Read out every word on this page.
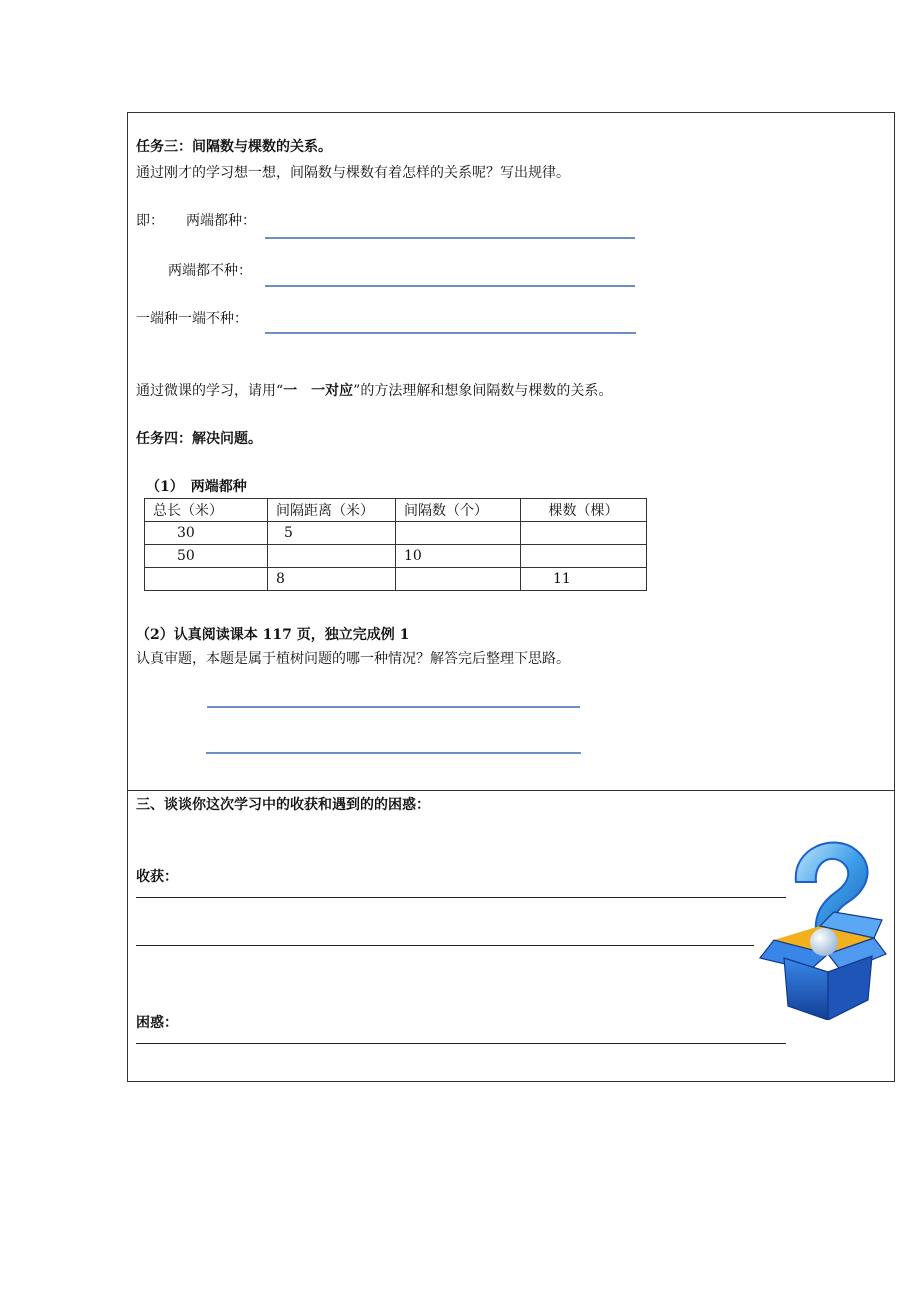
任务三：间隔数与棵数的关系。
通过刚才的学习想一想，间隔数与棵数有着怎样的关系呢？写出规律。
即： 两端都种：
两端都不种：
一端种一端不种：
通过微课的学习，请用“一　一对应”的方法理解和想象间隔数与棵数的关系。
任务四：解决问题。
（1）　两端都种
总长（米）	间隔距离（米）	间隔数（个）	棵数（棵）
30	5		
50		10	
	8		11
（2）认真阅读课本 117 页，独立完成例 1
认真审题，本题是属于植树问题的哪一种情况？解答完后整理下思路。
三、谈谈你这次学习中的收获和遇到的的困惑：
收获：
困惑：
